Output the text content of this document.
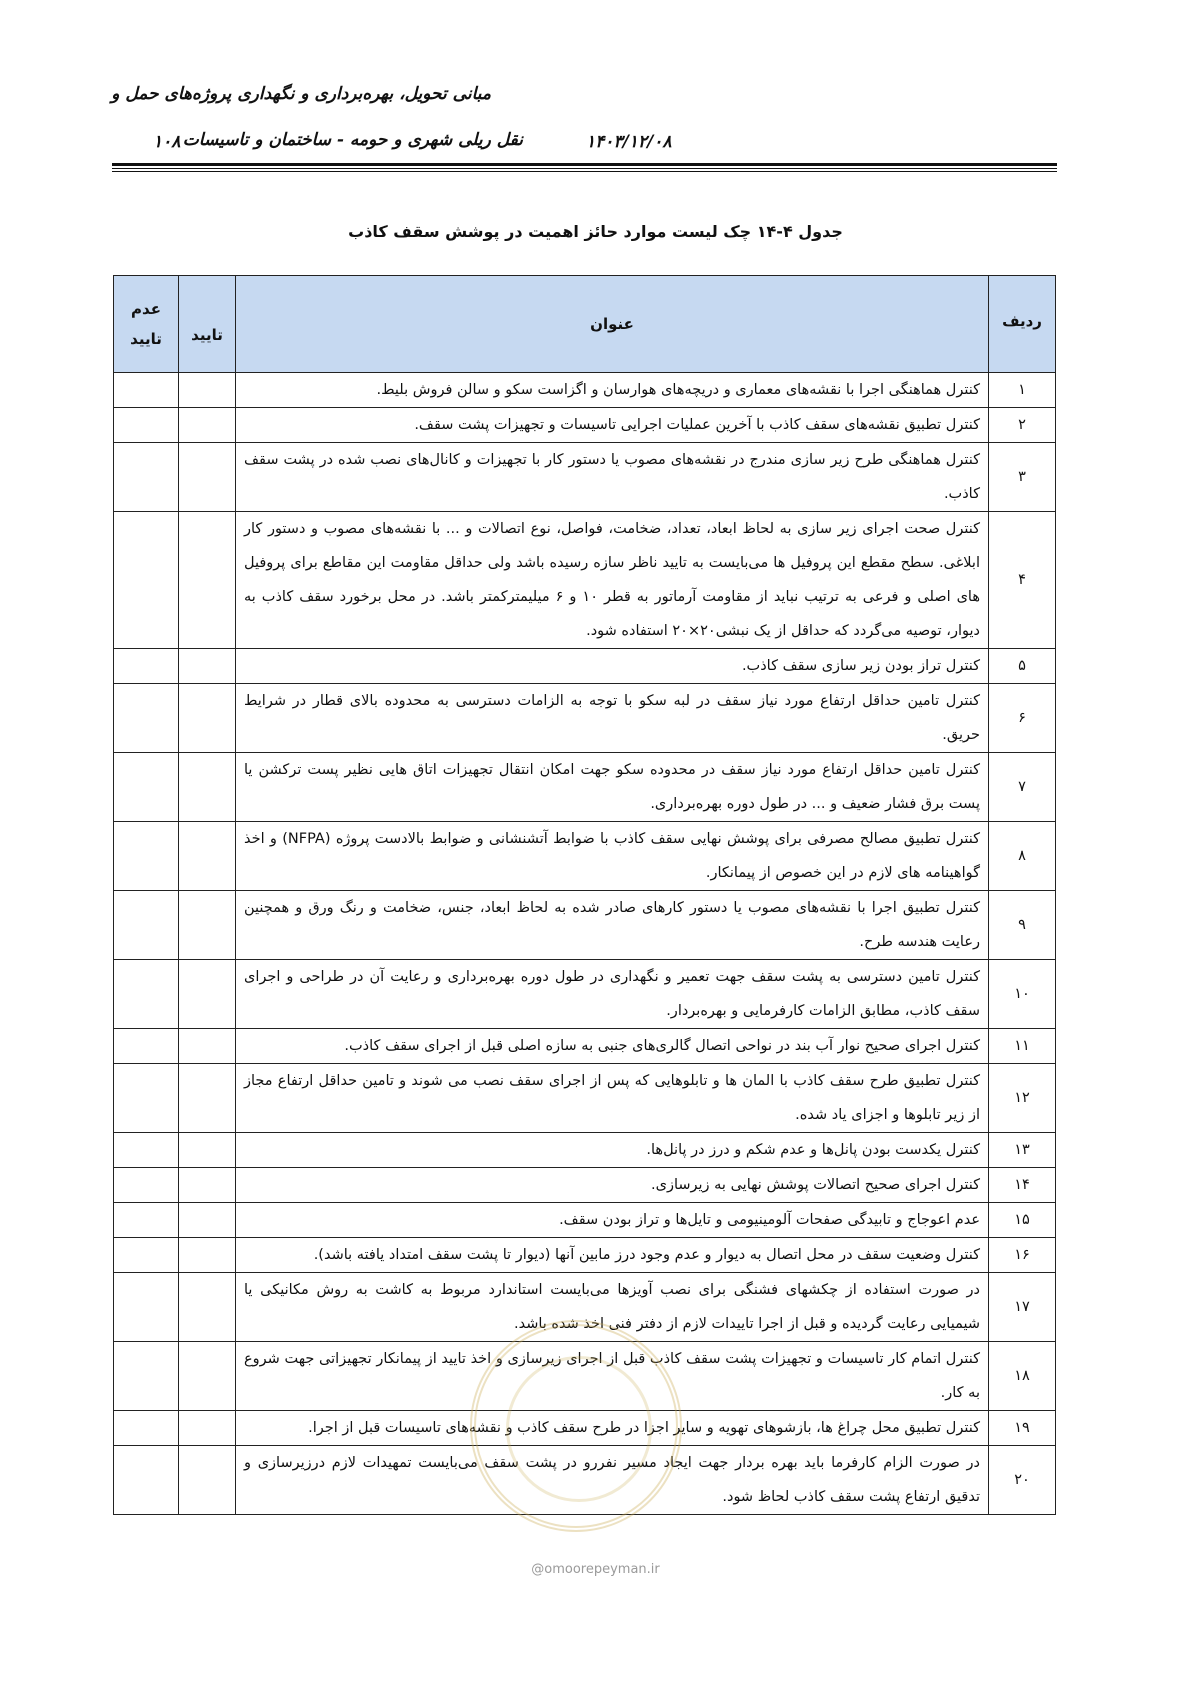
مبانی تحویل، بهره‌برداری و نگهداری پروژه‌های حمل و
نقل ریلی شهری و حومه - ساختمان و تاسیسات	۱۴۰۳/۱۲/۰۸
۱۰۸
جدول ۴-۱۴ چک لیست موارد حائز اهمیت در پوشش سقف کاذب
ردیف	عنوان	تایید	عدم تایید
۱	کنترل هماهنگی اجرا با نقشه‌های معماری و دریچه‌های هوارسان و اگزاست سکو و سالن فروش بلیط.		
۲	کنترل تطبیق نقشه‌های سقف کاذب با آخرین عملیات اجرایی تاسیسات و تجهیزات پشت سقف.		
۳	کنترل هماهنگی طرح زیر سازی مندرج در نقشه‌های مصوب یا دستور کار با تجهیزات و کانال‌های نصب شده در پشت سقف کاذب.		
۴	کنترل صحت اجرای زیر سازی به لحاظ ابعاد، تعداد، ضخامت، فواصل، نوع اتصالات و ... با نقشه‌های مصوب و دستور کار ابلاغی. سطح مقطع این پروفیل ها می‌بایست به تایید ناظر سازه رسیده باشد ولی حداقل مقاومت این مقاطع برای پروفیل های اصلی و فرعی به ترتیب نباید از مقاومت آرماتور به قطر ۱۰ و ۶ میلیمترکمتر باشد. در محل برخورد سقف کاذب به دیوار، توصیه می‌گردد که حداقل از یک نبشی۲۰×۲۰ استفاده شود.		
۵	کنترل تراز بودن زیر سازی سقف کاذب.		
۶	کنترل تامین حداقل ارتفاع مورد نیاز سقف در لبه سکو با توجه به الزامات دسترسی به محدوده بالای قطار در شرایط حریق.		
۷	کنترل تامین حداقل ارتفاع مورد نیاز سقف در محدوده سکو جهت امکان انتقال تجهیزات اتاق هایی نظیر پست ترکشن یا پست برق فشار ضعیف و ... در طول دوره بهره‌برداری.		
۸	کنترل تطبیق مصالح مصرفی برای پوشش نهایی سقف کاذب با ضوابط آتشنشانی و ضوابط بالادست پروژه (NFPA) و اخذ گواهینامه های لازم در این خصوص از پیمانکار.		
۹	کنترل تطبیق اجرا با نقشه‌های مصوب یا دستور کارهای صادر شده به لحاظ ابعاد، جنس، ضخامت و رنگ ورق و همچنین رعایت هندسه طرح.		
۱۰	کنترل تامین دسترسی به پشت سقف جهت تعمیر و نگهداری در طول دوره بهره‌برداری و رعایت آن در طراحی و اجرای سقف کاذب، مطابق الزامات کارفرمایی و بهره‌بردار.		
۱۱	کنترل اجرای صحیح نوار آب بند در نواحی اتصال گالری‌های جنبی به سازه اصلی قبل از اجرای سقف کاذب.		
۱۲	کنترل تطبیق طرح سقف کاذب با المان ها و تابلوهایی که پس از اجرای سقف نصب می شوند و تامین حداقل ارتفاع مجاز از زیر تابلوها و اجزای یاد شده.		
۱۳	کنترل یکدست بودن پانل‌ها و عدم شکم و درز در پانل‌ها.		
۱۴	کنترل اجرای صحیح اتصالات پوشش نهایی به زیرسازی.		
۱۵	عدم اعوجاج و تابیدگی صفحات آلومینیومی و تایل‌ها و تراز بودن سقف.		
۱۶	کنترل وضعیت سقف در محل اتصال به دیوار و عدم وجود درز مابین آنها (دیوار تا پشت سقف امتداد یافته باشد).		
۱۷	در صورت استفاده از چکشهای فشنگی برای نصب آویزها می‌بایست استاندارد مربوط به کاشت به روش مکانیکی یا شیمیایی رعایت گردیده و قبل از اجرا تاییدات لازم از دفتر فنی اخذ شده باشد.		
۱۸	کنترل اتمام کار تاسیسات و تجهیزات پشت سقف کاذب قبل از اجرای زیرسازی و اخذ تایید از پیمانکار تجهیزاتی جهت شروع به کار.		
۱۹	کنترل تطبیق محل چراغ ها، بازشوهای تهویه و سایر اجزا در طرح سقف کاذب و نقشه‌های تاسیسات قبل از اجرا.		
۲۰	در صورت الزام کارفرما باید بهره بردار جهت ایجاد مسیر نفررو در پشت سقف می‌بایست تمهیدات لازم درزیرسازی و تدقیق ارتفاع پشت سقف کاذب لحاظ شود.		
@omoorepeyman.ir
